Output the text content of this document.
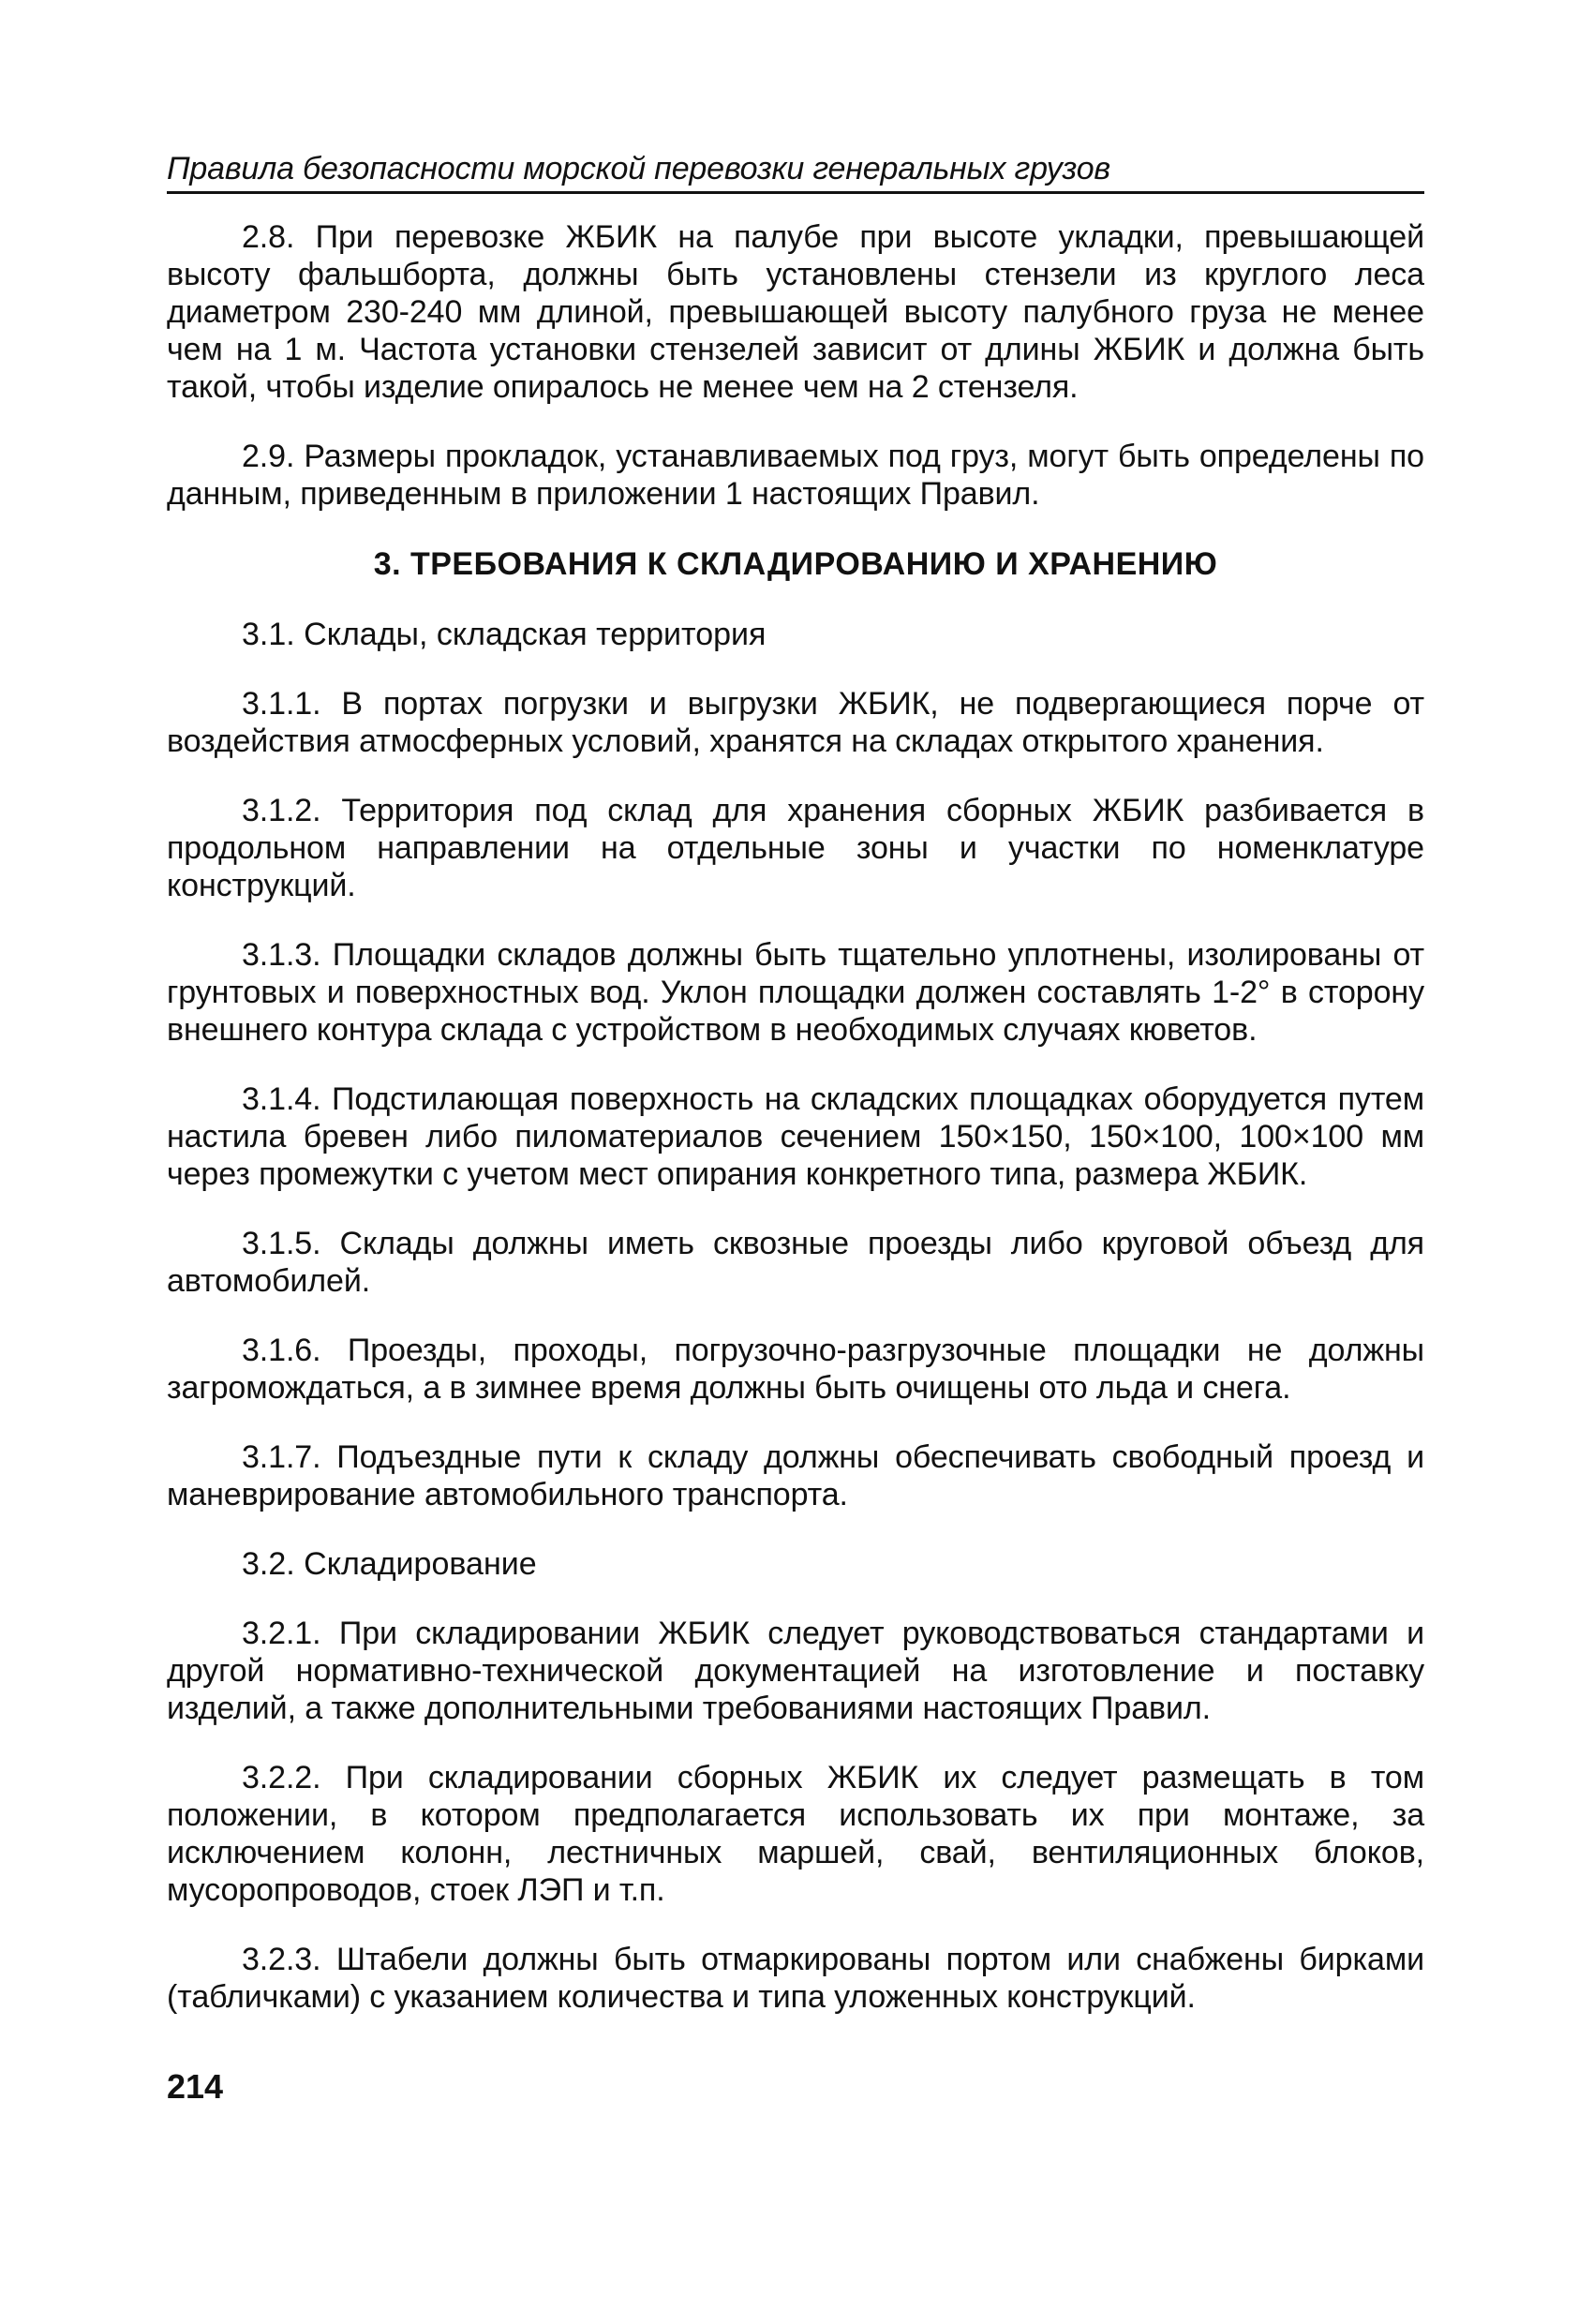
Правила безопасности морской перевозки генеральных грузов

2.8. При перевозке ЖБИК на палубе при высоте укладки, превышающей высоту фальшборта, должны быть установлены стензели из круглого леса диаметром 230-240 мм длиной, превышающей высоту палубного груза не менее чем на 1 м. Частота установки стензелей зависит от длины ЖБИК и должна быть такой, чтобы изделие опиралось не менее чем на 2 стензеля.

2.9. Размеры прокладок, устанавливаемых под груз, могут быть определены по данным, приведенным в приложении 1 настоящих Правил.

3. ТРЕБОВАНИЯ К СКЛАДИРОВАНИЮ И ХРАНЕНИЮ

3.1. Склады, складская территория

3.1.1. В портах погрузки и выгрузки ЖБИК, не подвергающиеся порче от воздействия атмосферных условий, хранятся на складах открытого хранения.

3.1.2. Территория под склад для хранения сборных ЖБИК разбивается в продольном направлении на отдельные зоны и участки по номенклатуре конструкций.

3.1.3. Площадки складов должны быть тщательно уплотнены, изолированы от грунтовых и поверхностных вод. Уклон площадки должен составлять 1-2° в сторону внешнего контура склада с устройством в необходимых случаях кюветов.

3.1.4. Подстилающая поверхность на складских площадках оборудуется путем настила бревен либо пиломатериалов сечением 150×150, 150×100, 100×100 мм через промежутки с учетом мест опирания конкретного типа, размера ЖБИК.

3.1.5. Склады должны иметь сквозные проезды либо круговой объезд для автомобилей.

3.1.6. Проезды, проходы, погрузочно-разгрузочные площадки не должны загромождаться, а в зимнее время должны быть очищены ото льда и снега.

3.1.7. Подъездные пути к складу должны обеспечивать свободный проезд и маневрирование автомобильного транспорта.

3.2. Складирование

3.2.1. При складировании ЖБИК следует руководствоваться стандартами и другой нормативно-технической документацией на изготовление и поставку изделий, а также дополнительными требованиями настоящих Правил.

3.2.2. При складировании сборных ЖБИК их следует размещать в том положении, в котором предполагается использовать их при монтаже, за исключением колонн, лестничных маршей, свай, вентиляционных блоков, мусоропроводов, стоек ЛЭП и т.п.

3.2.3. Штабели должны быть отмаркированы портом или снабжены бирками (табличками) с указанием количества и типа уложенных конструкций.

214
